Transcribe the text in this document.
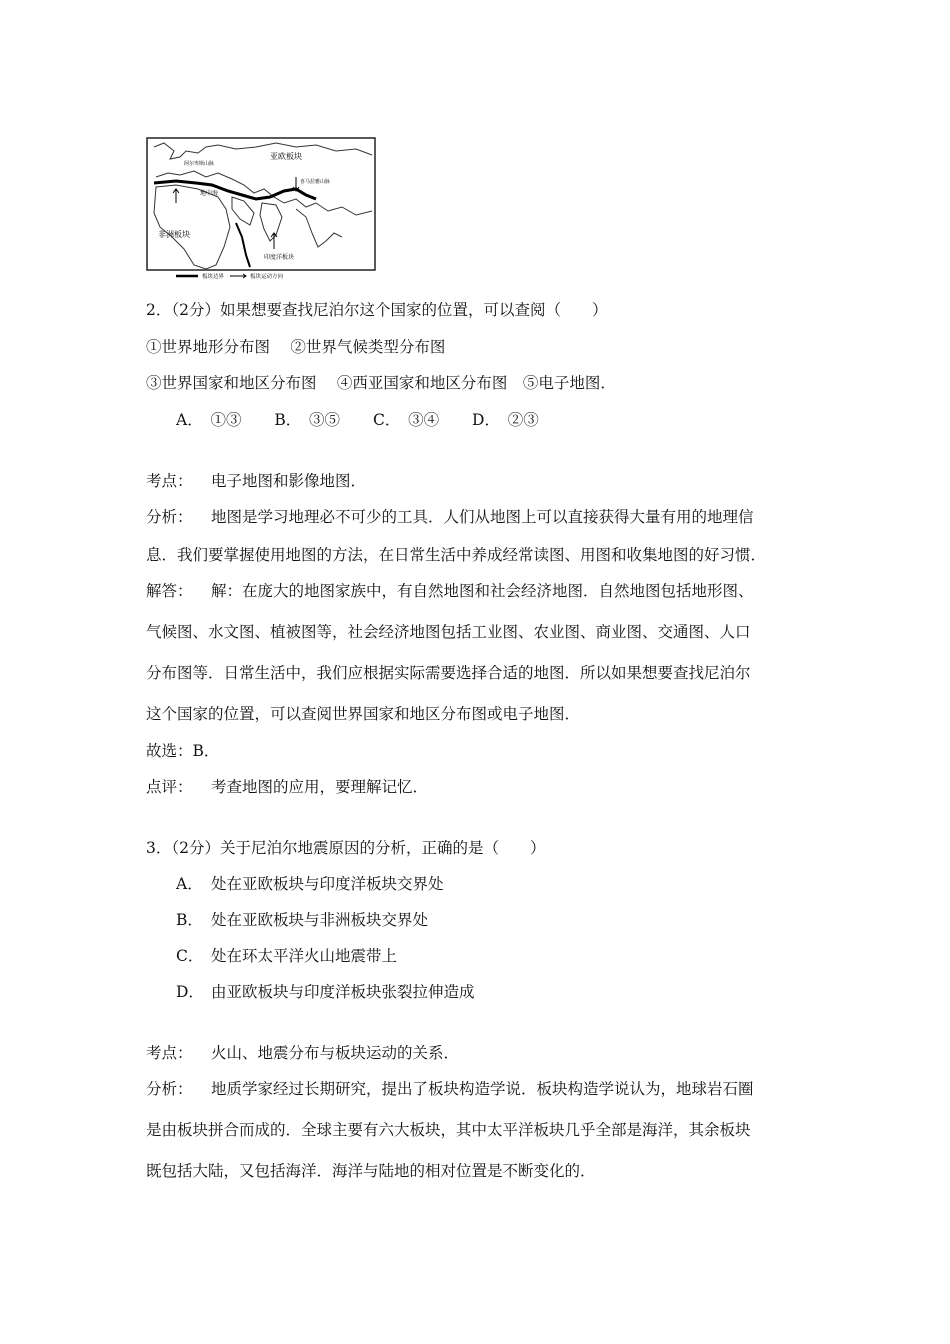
亚欧板块
非洲板块
印度洋板块
阿尔卑斯山脉
喜马拉雅山脉
地中海
板块边界	板块运动方向
2．（2分）如果想要查找尼泊尔这个国家的位置，可以查阅（　　）
①世界地形分布图　 ②世界气候类型分布图
③世界国家和地区分布图　 ④西亚国家和地区分布图　⑤电子地图．
A．　①③ B．　③⑤ C．　③④ D．　②③
考点： 电子地图和影像地图．
分析： 地图是学习地理必不可少的工具．人们从地图上可以直接获得大量有用的地理信
息．我们要掌握使用地图的方法，在日常生活中养成经常读图、用图和收集地图的好习惯．
解答： 解：在庞大的地图家族中，有自然地图和社会经济地图．自然地图包括地形图、
气候图、水文图、植被图等，社会经济地图包括工业图、农业图、商业图、交通图、人口
分布图等．日常生活中，我们应根据实际需要选择合适的地图．所以如果想要查找尼泊尔
这个国家的位置，可以查阅世界国家和地区分布图或电子地图．
故选：B．
点评： 考查地图的应用，要理解记忆．
3．（2分）关于尼泊尔地震原因的分析，正确的是（　　）
A． 处在亚欧板块与印度洋板块交界处
B． 处在亚欧板块与非洲板块交界处
C． 处在环太平洋火山地震带上
D． 由亚欧板块与印度洋板块张裂拉伸造成
考点： 火山、地震分布与板块运动的关系．
分析： 地质学家经过长期研究，提出了板块构造学说．板块构造学说认为，地球岩石圈
是由板块拼合而成的．全球主要有六大板块，其中太平洋板块几乎全部是海洋，其余板块
既包括大陆，又包括海洋．海洋与陆地的相对位置是不断变化的．
